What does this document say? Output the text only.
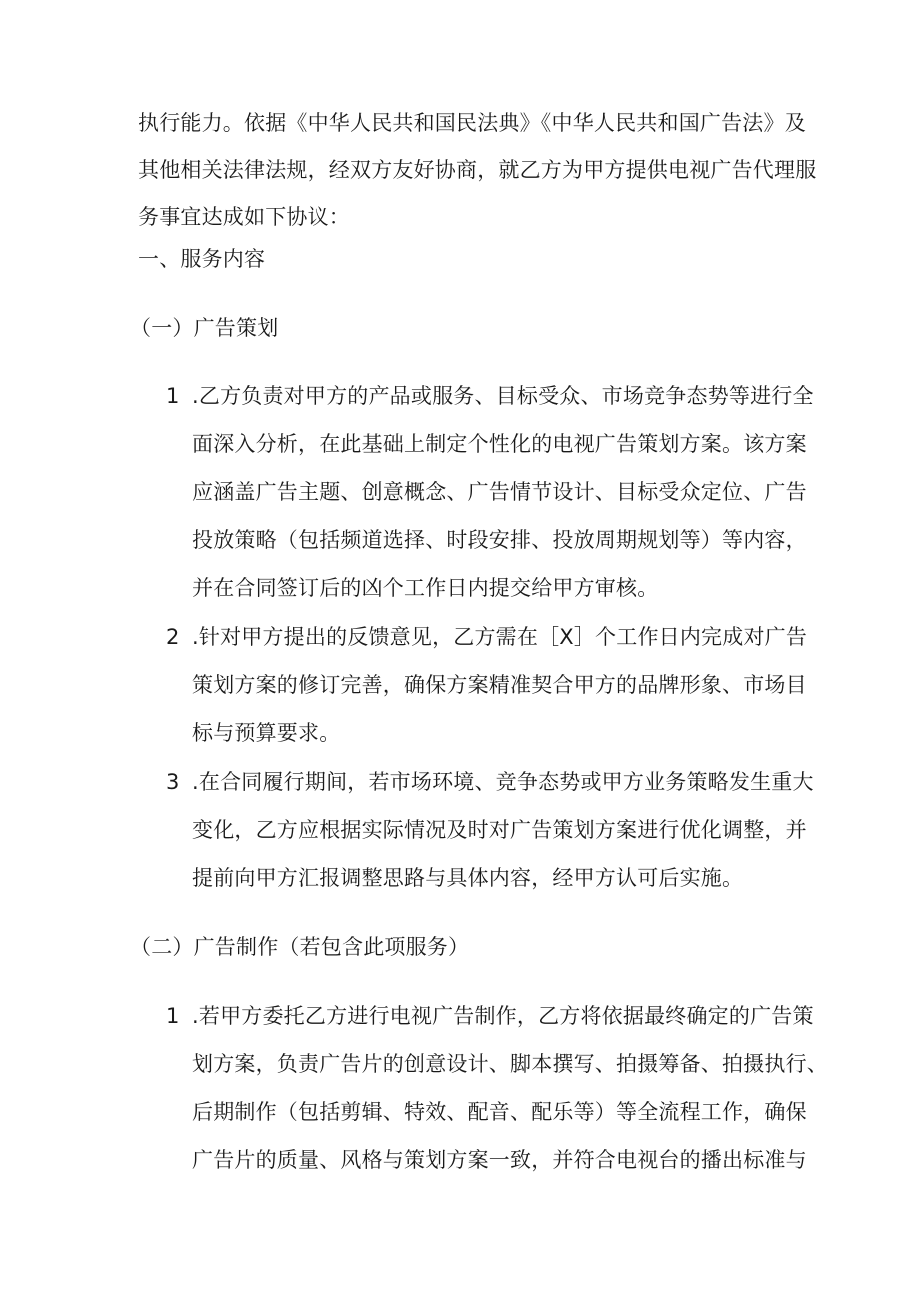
执行能力。依据《中华人民共和国民法典》《中华人民共和国广告法》及
其他相关法律法规，经双方友好协商，就乙方为甲方提供电视广告代理服
务事宜达成如下协议：
一、服务内容
（一）广告策划
1 .乙方负责对甲方的产品或服务、目标受众、市场竞争态势等进行全
面深入分析，在此基础上制定个性化的电视广告策划方案。该方案
应涵盖广告主题、创意概念、广告情节设计、目标受众定位、广告
投放策略（包括频道选择、时段安排、投放周期规划等）等内容，
并在合同签订后的凶个工作日内提交给甲方审核。
2 .针对甲方提出的反馈意见，乙方需在［X］个工作日内完成对广告
策划方案的修订完善，确保方案精准契合甲方的品牌形象、市场目
标与预算要求。
3 .在合同履行期间，若市场环境、竞争态势或甲方业务策略发生重大
变化，乙方应根据实际情况及时对广告策划方案进行优化调整，并
提前向甲方汇报调整思路与具体内容，经甲方认可后实施。
（二）广告制作（若包含此项服务）
1 .若甲方委托乙方进行电视广告制作，乙方将依据最终确定的广告策
划方案，负责广告片的创意设计、脚本撰写、拍摄筹备、拍摄执行、
后期制作（包括剪辑、特效、配音、配乐等）等全流程工作，确保
广告片的质量、风格与策划方案一致，并符合电视台的播出标准与
